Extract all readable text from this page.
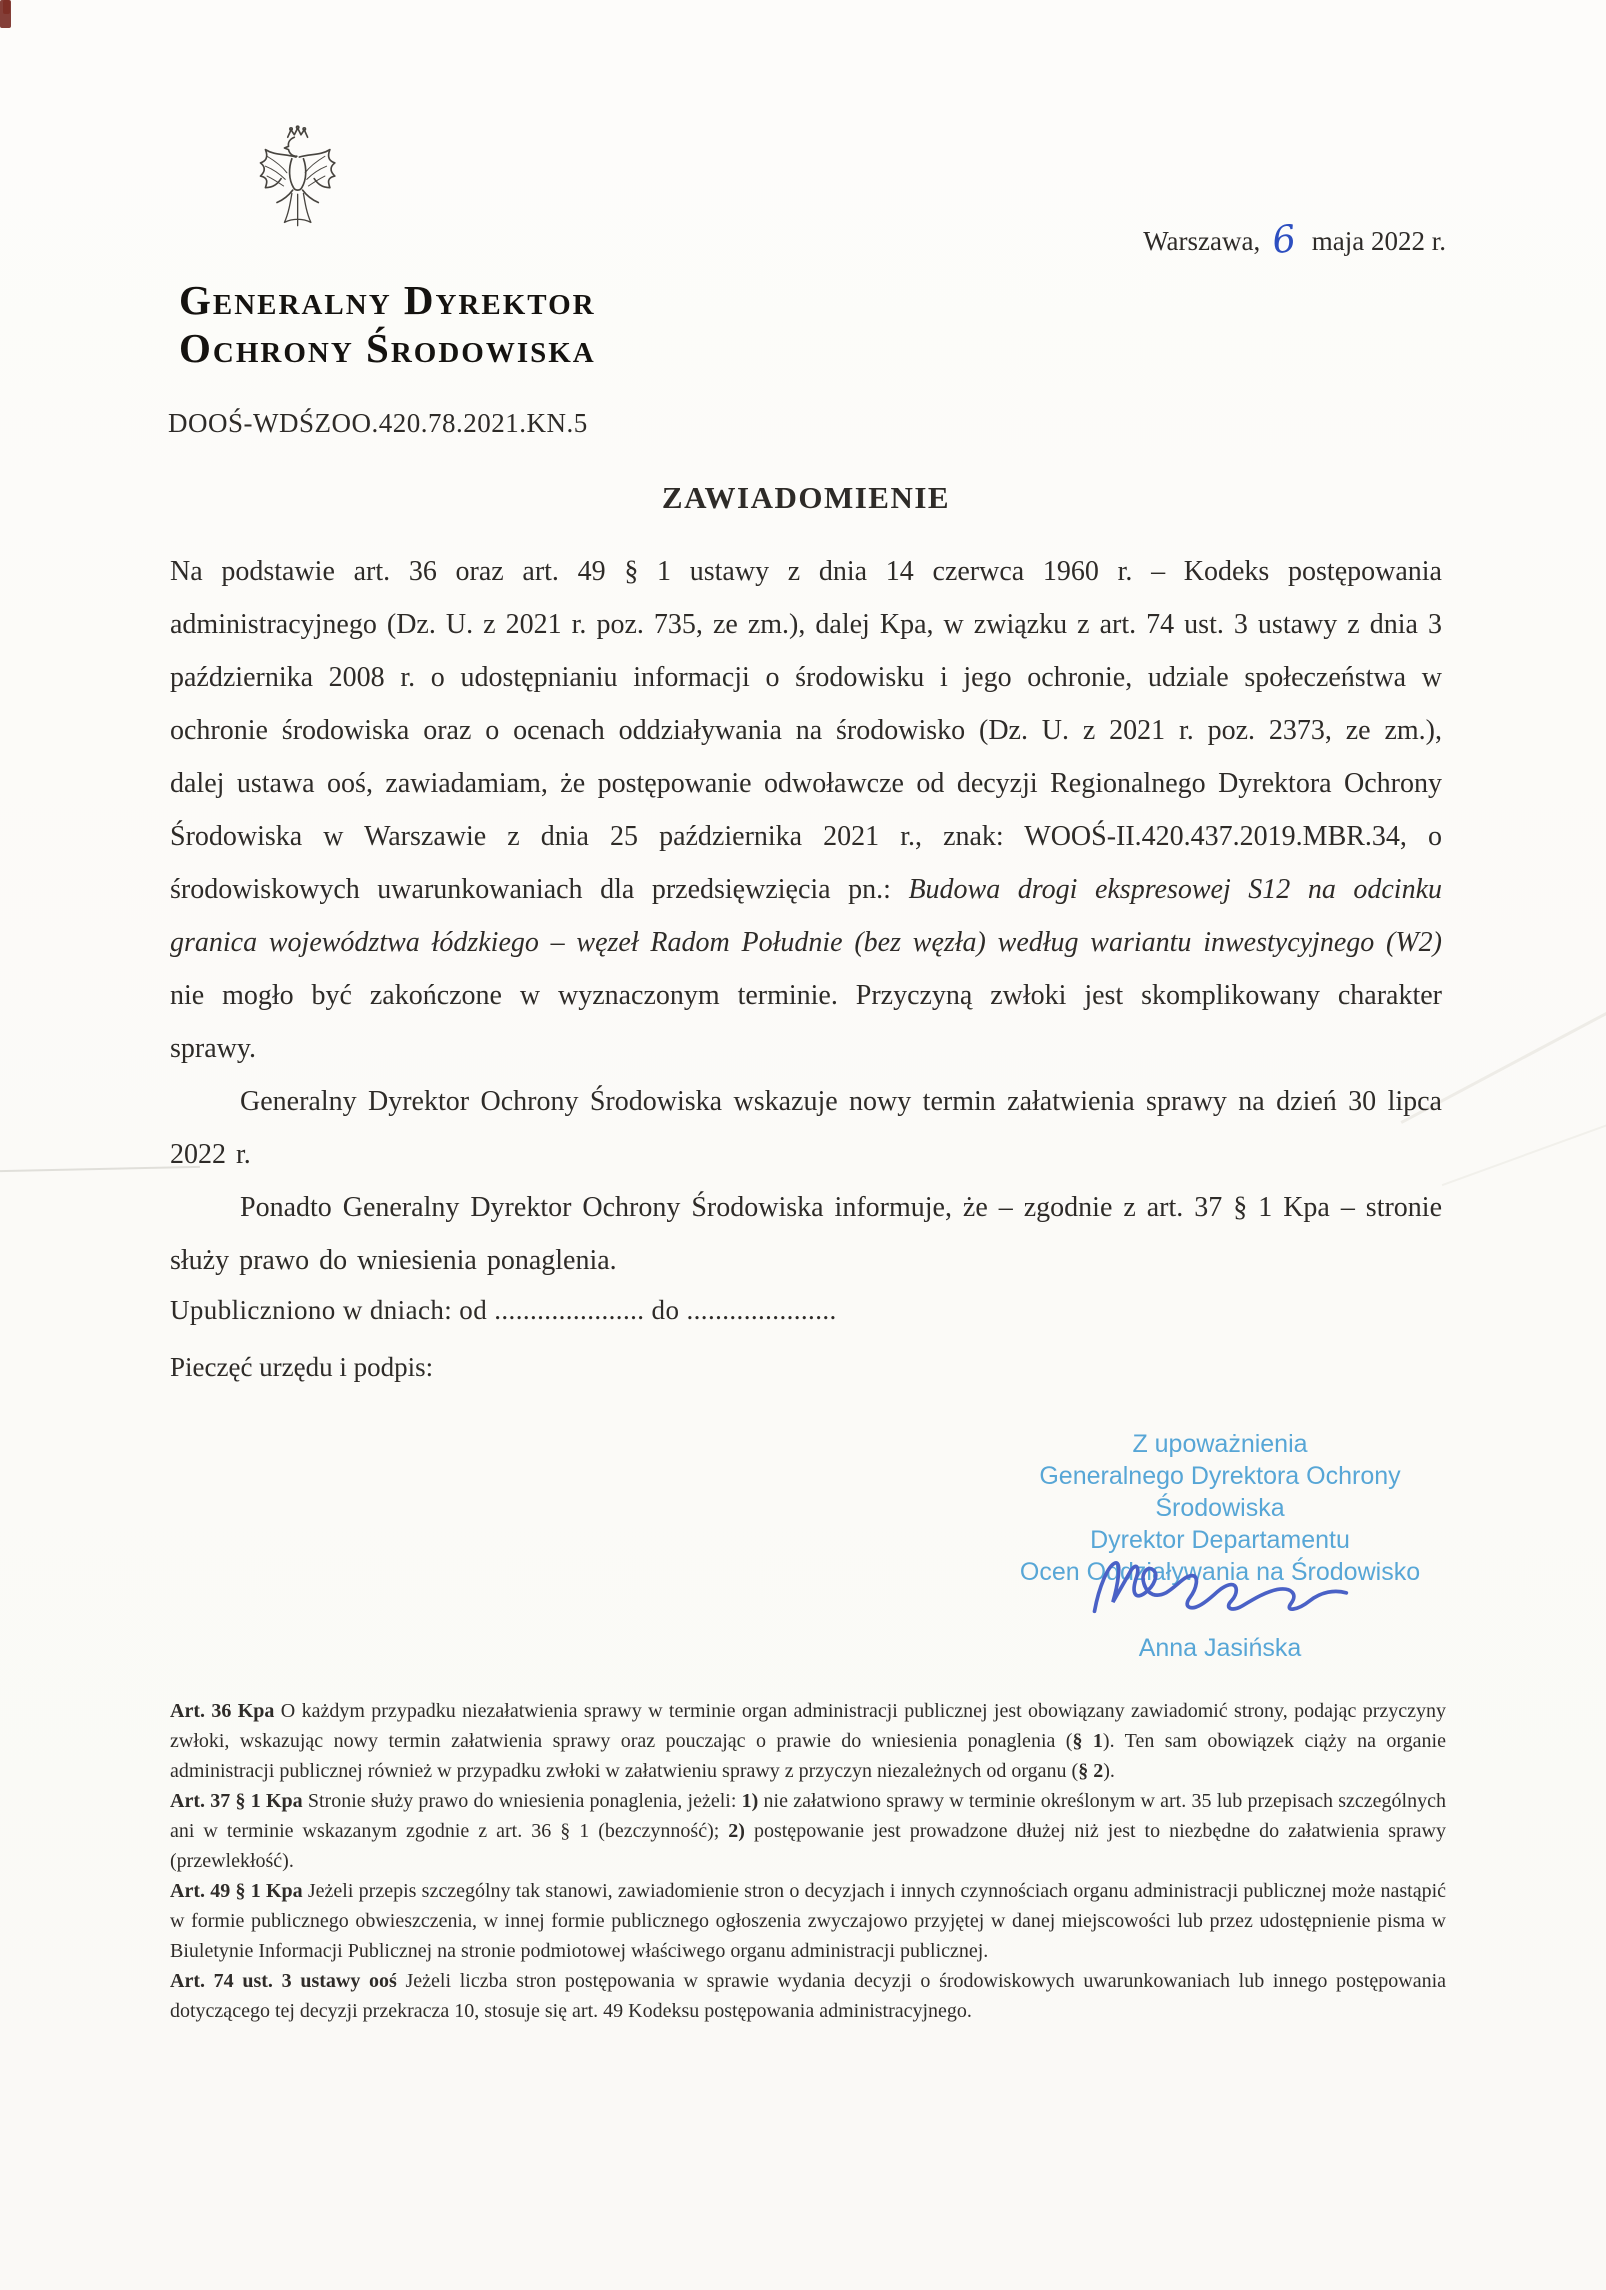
Warszawa, 6 maja 2022 r.
Generalny Dyrektor
Ochrony Środowiska
DOOŚ-WDŚZOO.420.78.2021.KN.5
ZAWIADOMIENIE

Na podstawie art. 36 oraz art. 49 § 1 ustawy z dnia 14 czerwca 1960 r. – Kodeks postępowania administracyjnego (Dz. U. z 2021 r. poz. 735, ze zm.), dalej Kpa, w związku z art. 74 ust. 3 ustawy z dnia 3 października 2008 r. o udostępnianiu informacji o środowisku i jego ochronie, udziale społeczeństwa w ochronie środowiska oraz o ocenach oddziaływania na środowisko (Dz. U. z 2021 r. poz. 2373, ze zm.), dalej ustawa ooś, zawiadamiam, że postępowanie odwoławcze od decyzji Regionalnego Dyrektora Ochrony Środowiska w Warszawie z dnia 25 października 2021 r., znak: WOOŚ-II.420.437.2019.MBR.34, o środowiskowych uwarunkowaniach dla przedsięwzięcia pn.: Budowa drogi ekspresowej S12 na odcinku granica województwa łódzkiego – węzeł Radom Południe (bez węzła) według wariantu inwestycyjnego (W2) nie mogło być zakończone w wyznaczonym terminie. Przyczyną zwłoki jest skomplikowany charakter sprawy.

Generalny Dyrektor Ochrony Środowiska wskazuje nowy termin załatwienia sprawy na dzień 30 lipca 2022 r.

Ponadto Generalny Dyrektor Ochrony Środowiska informuje, że – zgodnie z art. 37 § 1 Kpa – stronie służy prawo do wniesienia ponaglenia.

Upubliczniono w dniach: od ..................... do .....................
Pieczęć urzędu i podpis:
Z upoważnienia
Generalnego Dyrektora Ochrony Środowiska
Dyrektor Departamentu
Ocen Oddziaływania na Środowisko
Anna Jasińska

Art. 36 Kpa O każdym przypadku niezałatwienia sprawy w terminie organ administracji publicznej jest obowiązany zawiadomić strony, podając przyczyny zwłoki, wskazując nowy termin załatwienia sprawy oraz pouczając o prawie do wniesienia ponaglenia (§ 1). Ten sam obowiązek ciąży na organie administracji publicznej również w przypadku zwłoki w załatwieniu sprawy z przyczyn niezależnych od organu (§ 2).

Art. 37 § 1 Kpa Stronie służy prawo do wniesienia ponaglenia, jeżeli: 1) nie załatwiono sprawy w terminie określonym w art. 35 lub przepisach szczególnych ani w terminie wskazanym zgodnie z art. 36 § 1 (bezczynność); 2) postępowanie jest prowadzone dłużej niż jest to niezbędne do załatwienia sprawy (przewlekłość).

Art. 49 § 1 Kpa Jeżeli przepis szczególny tak stanowi, zawiadomienie stron o decyzjach i innych czynnościach organu administracji publicznej może nastąpić w formie publicznego obwieszczenia, w innej formie publicznego ogłoszenia zwyczajowo przyjętej w danej miejscowości lub przez udostępnienie pisma w Biuletynie Informacji Publicznej na stronie podmiotowej właściwego organu administracji publicznej.

Art. 74 ust. 3 ustawy ooś Jeżeli liczba stron postępowania w sprawie wydania decyzji o środowiskowych uwarunkowaniach lub innego postępowania dotyczącego tej decyzji przekracza 10, stosuje się art. 49 Kodeksu postępowania administracyjnego.
